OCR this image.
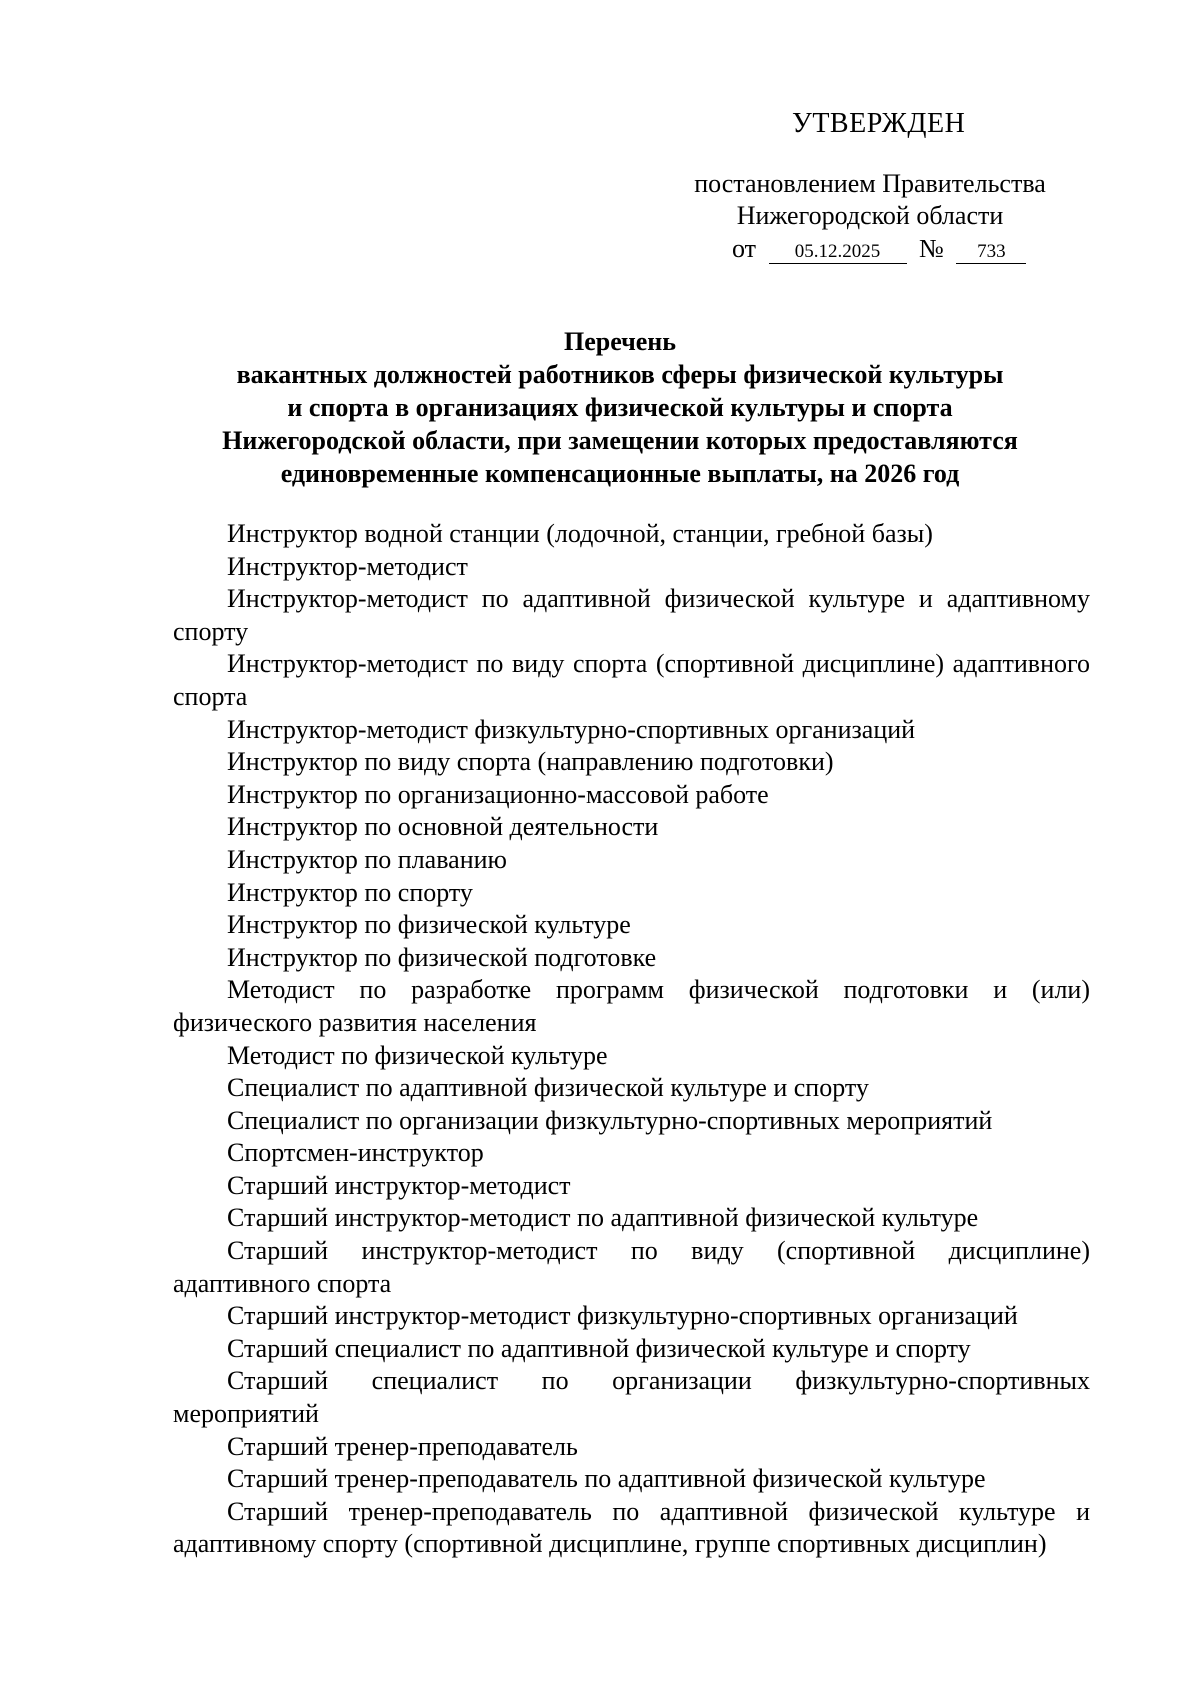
УТВЕРЖДЕН
постановлением Правительства
Нижегородской области
от 05.12.2025 № 733
Перечень
вакантных должностей работников сферы физической культуры
и спорта в организациях физической культуры и спорта
Нижегородской области, при замещении которых предоставляются
единовременные компенсационные выплаты, на 2026 год
Инструктор водной станции (лодочной, станции, гребной базы)
Инструктор-методист
Инструктор-методист по адаптивной физической культуре и адаптивному спорту
Инструктор-методист по виду спорта (спортивной дисциплине) адаптивного спорта
Инструктор-методист физкультурно-спортивных организаций
Инструктор по виду спорта (направлению подготовки)
Инструктор по организационно-массовой работе
Инструктор по основной деятельности
Инструктор по плаванию
Инструктор по спорту
Инструктор по физической культуре
Инструктор по физической подготовке
Методист по разработке программ физической подготовки и (или) физического развития населения
Методист по физической культуре
Специалист по адаптивной физической культуре и спорту
Специалист по организации физкультурно-спортивных мероприятий
Спортсмен-инструктор
Старший инструктор-методист
Старший инструктор-методист по адаптивной физической культуре
Старший инструктор-методист по виду (спортивной дисциплине) адаптивного спорта
Старший инструктор-методист физкультурно-спортивных организаций
Старший специалист по адаптивной физической культуре и спорту
Старший специалист по организации физкультурно-спортивных мероприятий
Старший тренер-преподаватель
Старший тренер-преподаватель по адаптивной физической культуре
Старший тренер-преподаватель по адаптивной физической культуре и адаптивному спорту (спортивной дисциплине, группе спортивных дисциплин)
